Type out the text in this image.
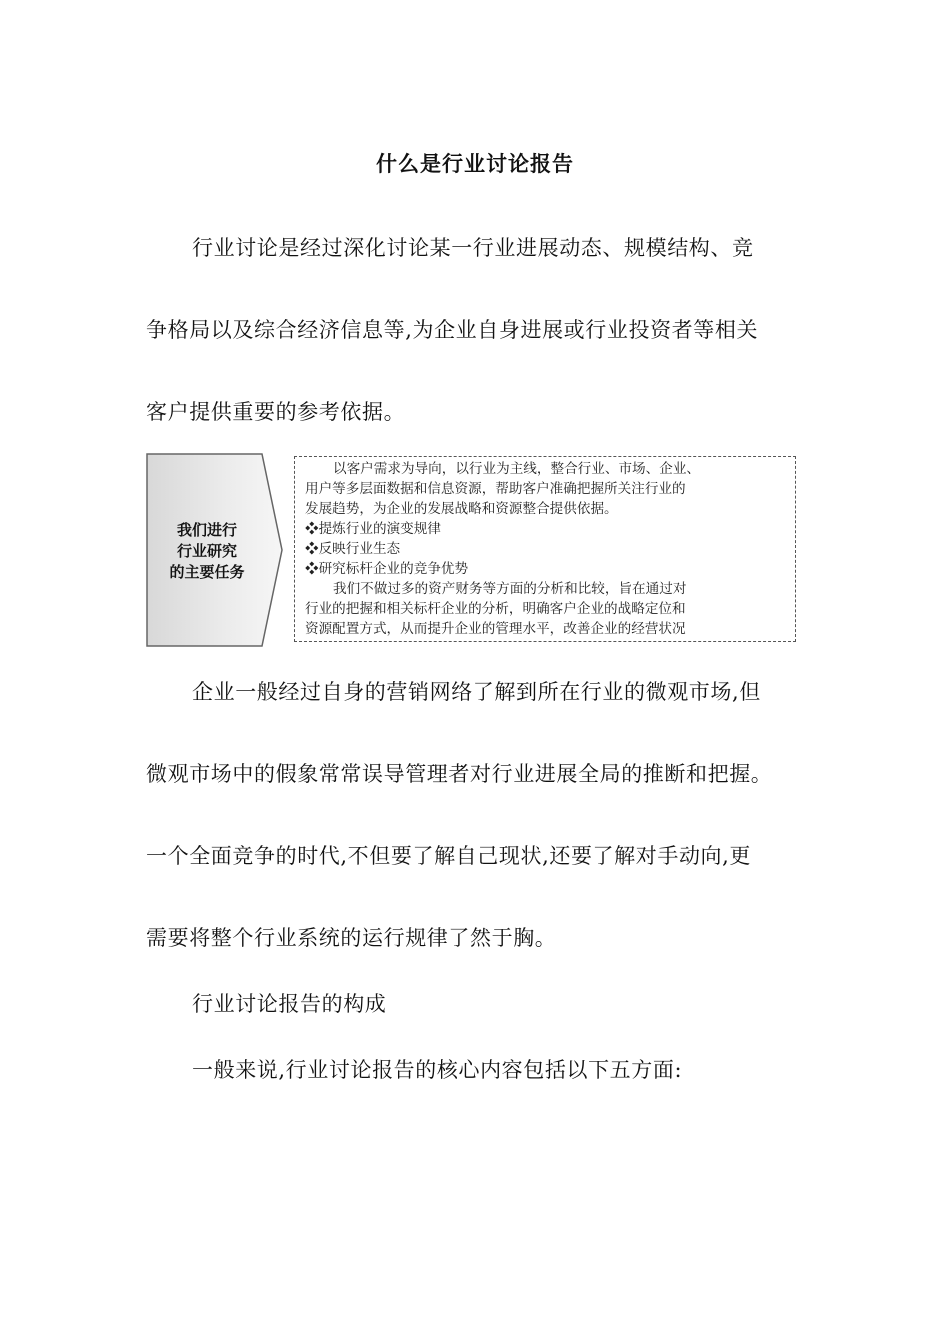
什么是行业讨论报告
行业讨论是经过深化讨论某一行业进展动态、规模结构、竞
争格局以及综合经济信息等,为企业自身进展或行业投资者等相关
客户提供重要的参考依据。
我们进行
行业研究
的主要任务
以客户需求为导向，以行业为主线，整合行业、市场、企业、
用户等多层面数据和信息资源，帮助客户准确把握所关注行业的
发展趋势，为企业的发展战略和资源整合提供依据。
❖提炼行业的演变规律
❖反映行业生态
❖研究标杆企业的竞争优势
我们不做过多的资产财务等方面的分析和比较，旨在通过对
行业的把握和相关标杆企业的分析，明确客户企业的战略定位和
资源配置方式，从而提升企业的管理水平，改善企业的经营状况
企业一般经过自身的营销网络了解到所在行业的微观市场,但
微观市场中的假象常常误导管理者对行业进展全局的推断和把握。
一个全面竞争的时代,不但要了解自己现状,还要了解对手动向,更
需要将整个行业系统的运行规律了然于胸。
行业讨论报告的构成
一般来说,行业讨论报告的核心内容包括以下五方面:
